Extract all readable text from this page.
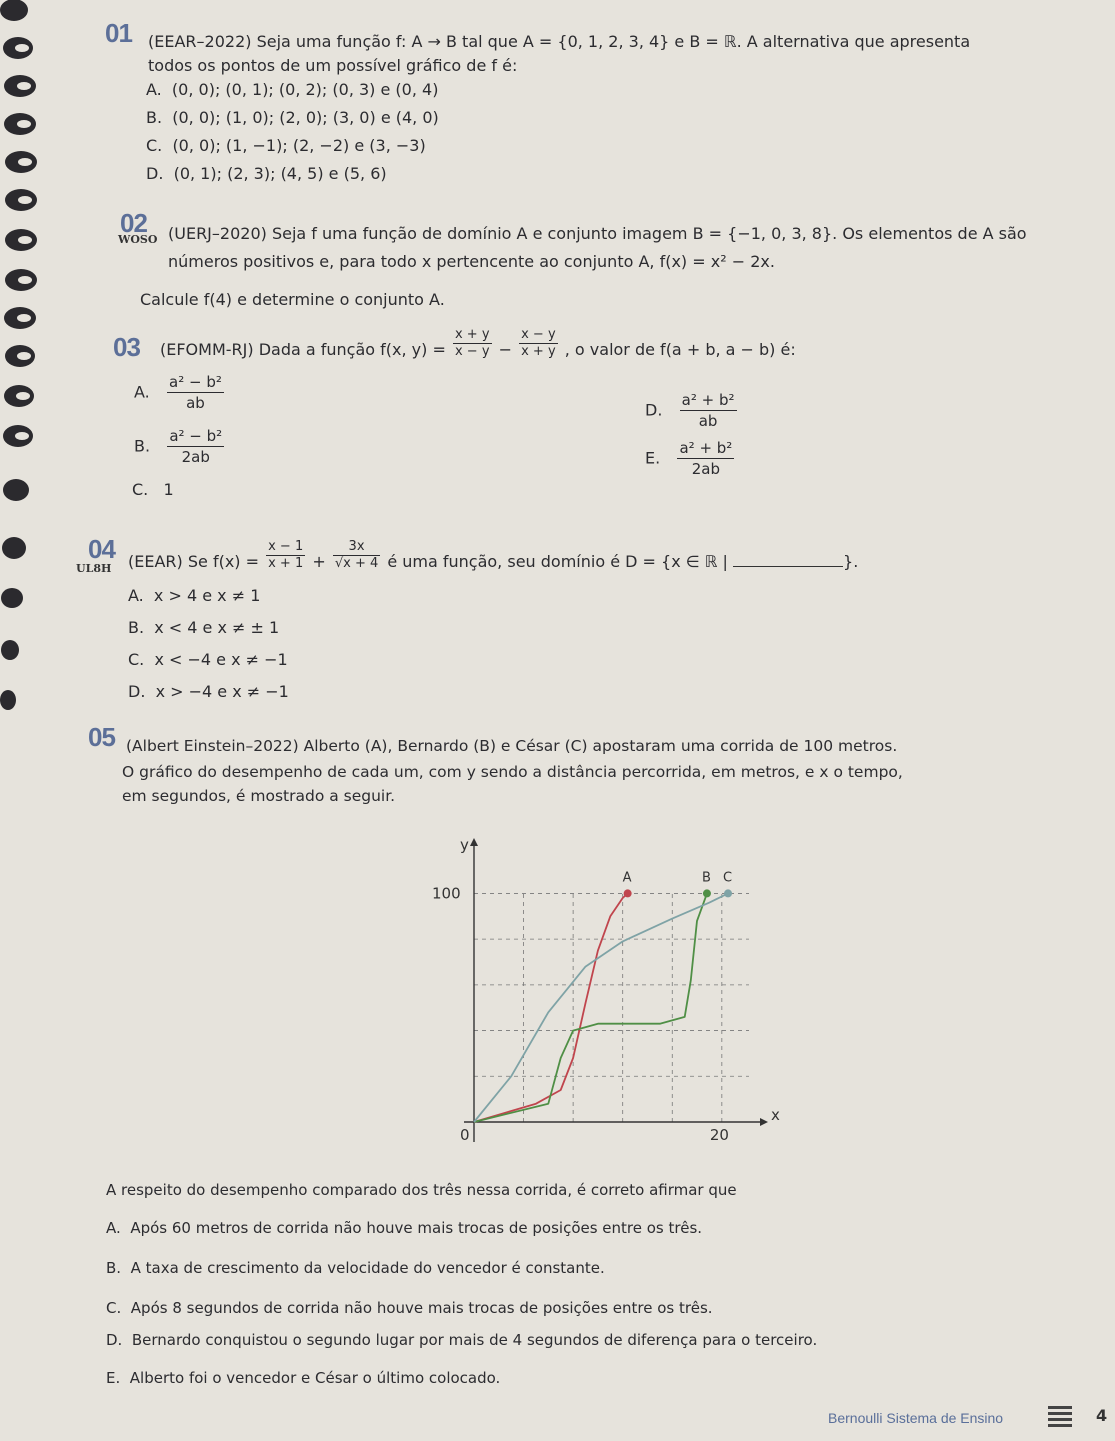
01 (EEAR–2022) Seja uma função f: A → B tal que A = {0, 1, 2, 3, 4} e B = ℝ. A alternativa que apresenta
todos os pontos de um possível gráfico de f é:
A. (0, 0); (0, 1); (0, 2); (0, 3) e (0, 4)
B. (0, 0); (1, 0); (2, 0); (3, 0) e (4, 0)
C. (0, 0); (1, −1); (2, −2) e (3, −3)
D. (0, 1); (2, 3); (4, 5) e (5, 6)
02
WOSO (UERJ–2020) Seja f uma função de domínio A e conjunto imagem B = {−1, 0, 3, 8}. Os elementos de A são
números positivos e, para todo x pertencente ao conjunto A, f(x) = x² − 2x.
Calcule f(4) e determine o conjunto A.
03 (EFOMM-RJ) Dada a função f(x, $y) = \frac{x + y}{x - y} - \frac{x - y}{x + y}$ , o valor de f(a + b, a − b) é:
A. $\frac{\text{a² − b²}}{ab}$
B. $\frac{\text{a² − b²}}{2ab}$
C. 1
D. $\frac{\text{a² + b²}}{ab}$
E. $\frac{\text{a² + b²}}{2ab}$
04
UL8H (EEAR) Se $f(x) = \frac{x - 1}{x + 1} + \frac{3x}{√x + 4}$ é uma função, seu domínio é D = {x ∈ ℝ |	}.
A. x > 4 e x ≠ 1
B. x < 4 e x ≠ ± 1
C. x < −4 e x ≠ −1
D. x > −4 e x ≠ −1
05 (Albert Einstein–2022) Alberto (A), Bernardo (B) e César (C) apostaram uma corrida de 100 metros.
O gráfico do desempenho de cada um, com y sendo a distância percorrida, em metros, e x o tempo,
em segundos, é mostrado a seguir.
y
x
0	20
100
A	B C
A respeito do desempenho comparado dos três nessa corrida, é correto afirmar que
A. Após 60 metros de corrida não houve mais trocas de posições entre os três.
B. A taxa de crescimento da velocidade do vencedor é constante.
C. Após 8 segundos de corrida não houve mais trocas de posições entre os três.
D. Bernardo conquistou o segundo lugar por mais de 4 segundos de diferença para o terceiro.
E. Alberto foi o vencedor e César o último colocado.
Bernoulli Sistema de Ensino	4
